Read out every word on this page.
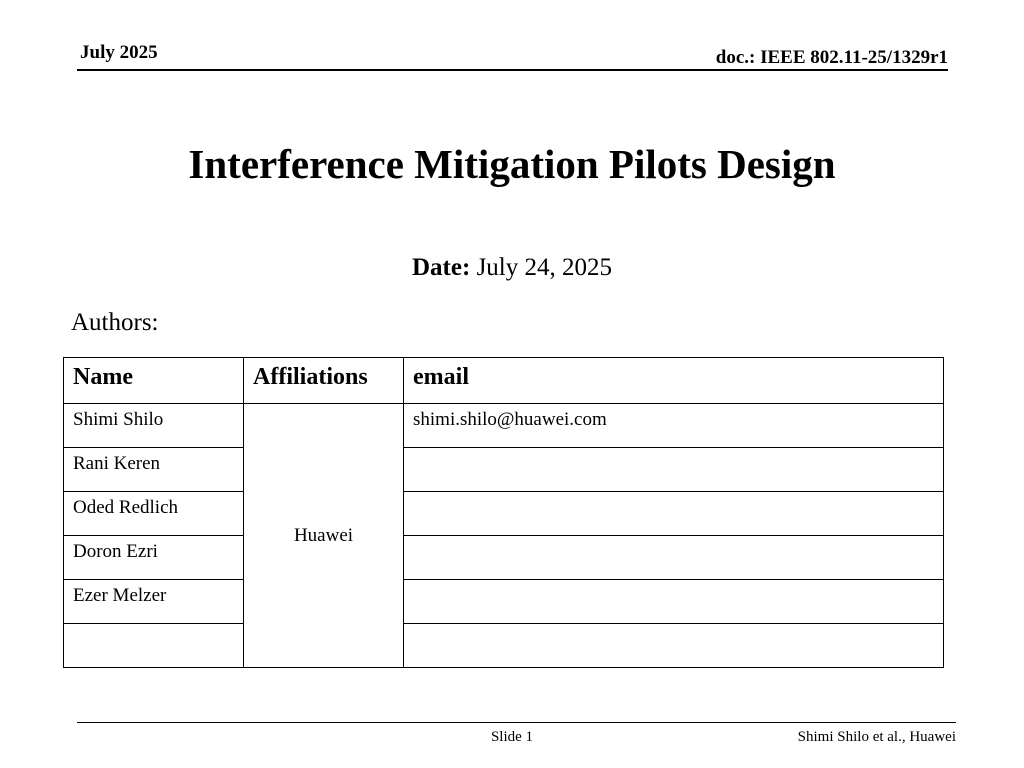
July 2025	doc.: IEEE 802.11-25/1329r1
Interference Mitigation Pilots Design
Date: July 24, 2025
Authors:
Name	Affiliations	email
Shimi Shilo	Huawei	shimi.shilo@huawei.com
Rani Keren		
Oded Redlich		
Doron Ezri		
Ezer Melzer		

Slide 1	Shimi Shilo et al., Huawei
